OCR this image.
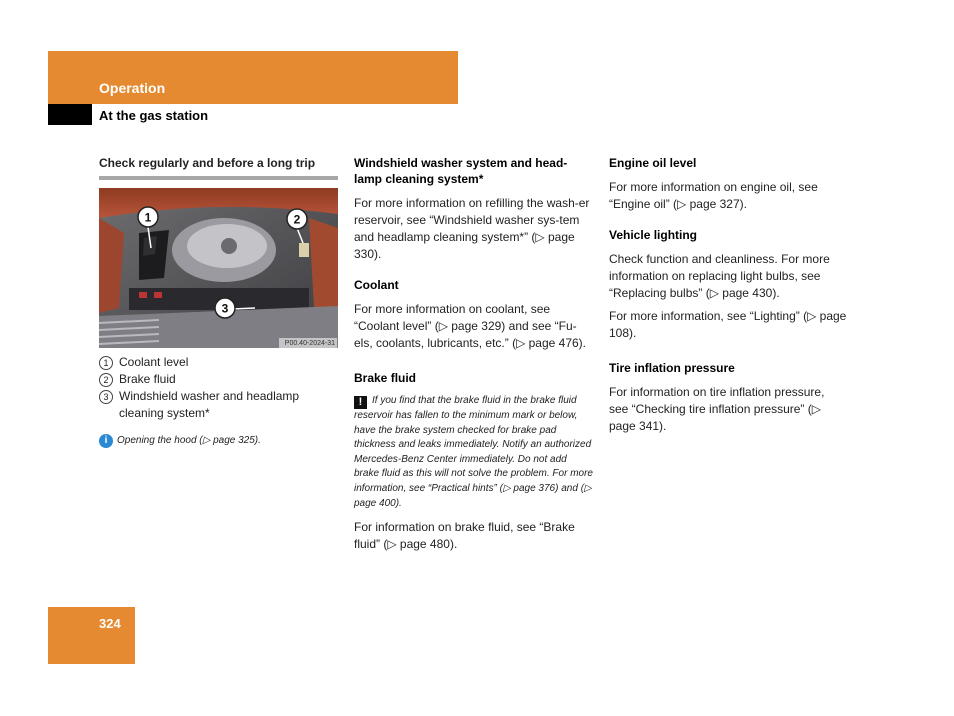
Operation
At the gas station
Check regularly and before a long trip
1	2
3
P00.40-2024-31
1 Coolant level
2 Brake fluid
3 Windshield washer and headlamp cleaning system*
i Opening the hood (▷ page 325).
Windshield washer system and head-lamp cleaning system*

For more information on refilling the wash-er reservoir, see “Windshield washer sys-tem and headlamp cleaning system*” (▷ page 330).

Coolant

For more information on coolant, see “Coolant level” (▷ page 329) and see “Fu-els, coolants, lubricants, etc.” (▷ page 476).

Brake fluid
! If you find that the brake fluid in the brake fluid reservoir has fallen to the minimum mark or below, have the brake system checked for brake pad thickness and leaks immediately. Notify an authorized Mercedes-Benz Center immediately. Do not add brake fluid as this will not solve the problem. For more information, see “Practical hints” (▷ page 376) and (▷ page 400).

For information on brake fluid, see “Brake fluid” (▷ page 480).

Engine oil level

For more information on engine oil, see “Engine oil” (▷ page 327).

Vehicle lighting

Check function and cleanliness. For more information on replacing light bulbs, see “Replacing bulbs” (▷ page 430).

For more information, see “Lighting” (▷ page 108).

Tire inflation pressure

For information on tire inflation pressure, see “Checking tire inflation pressure” (▷ page 341).

324
